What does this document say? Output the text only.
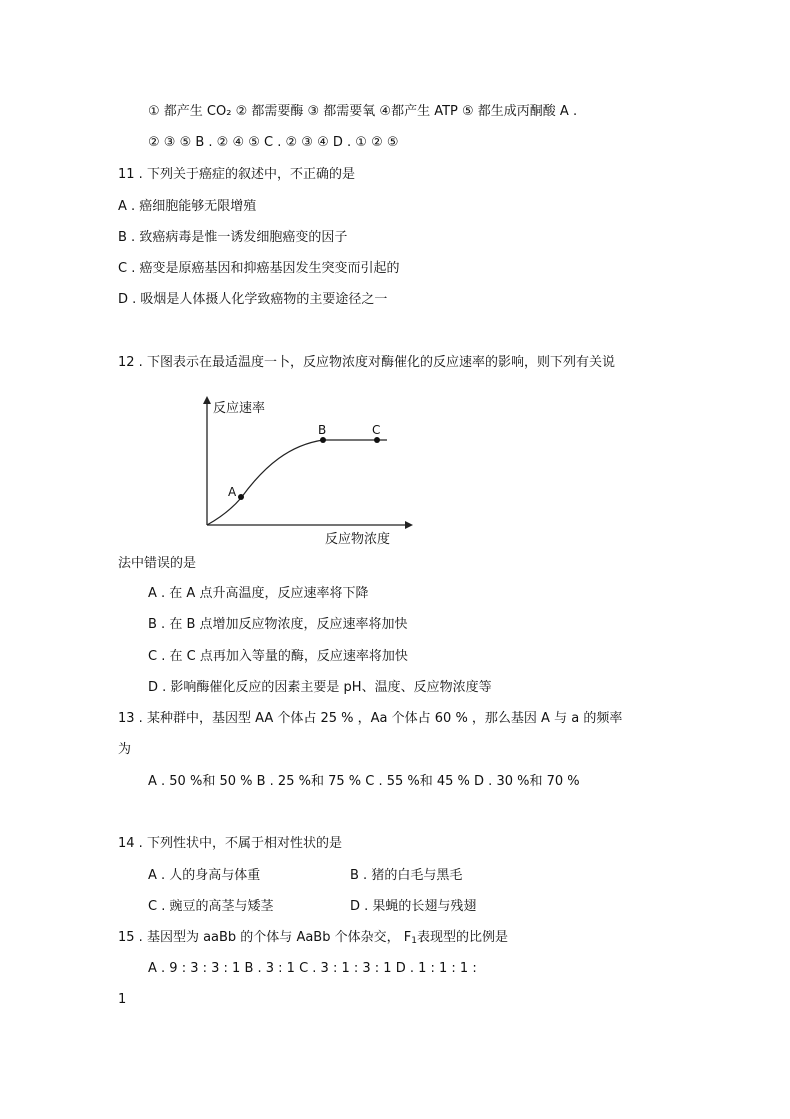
① 都产生 CO₂ ② 都需要酶 ③ 都需要氧 ④都产生 ATP ⑤ 都生成丙酮酸 A .
② ③ ⑤ B . ② ④ ⑤ C . ② ③ ④ D . ① ② ⑤
11 . 下列关于癌症的叙述中，不正确的是
A . 癌细胞能够无限增殖
B . 致癌病毒是惟一诱发细胞癌变的因子
C . 癌变是原癌基因和抑癌基因发生突变而引起的
D . 吸烟是人体摄人化学致癌物的主要途径之一
12 . 下图表示在最适温度一卜，反应物浓度对酶催化的反应速率的影响，则下列有关说
A
B	C
反应速率
反应物浓度
法中错误的是
A . 在 A 点升高温度，反应速率将下降
B . 在 B 点增加反应物浓度，反应速率将加快
C . 在 C 点再加入等量的酶，反应速率将加快
D . 影响酶催化反应的因素主要是 pH、温度、反应物浓度等
13 . 某种群中，基因型 AA 个体占 25 % ，Aa 个体占 60 % ，那么基因 A 与 a 的频率
为
A . 50 %和 50 % B . 25 %和 75 % C . 55 %和 45 % D . 30 %和 70 %
14 . 下列性状中，不属于相对性状的是
A . 人的身高与体重	B . 猪的白毛与黑毛
C . 豌豆的高茎与矮茎	D . 果蝇的长翅与残翅
15 . 基因型为 aaBb 的个体与 AaBb 个体杂交， $F_1$表现型的比例是
A . 9 : 3 : 3 : 1 B . 3 : 1 C . 3 : 1 : 3 : 1 D . 1 : 1 : 1 :
1
